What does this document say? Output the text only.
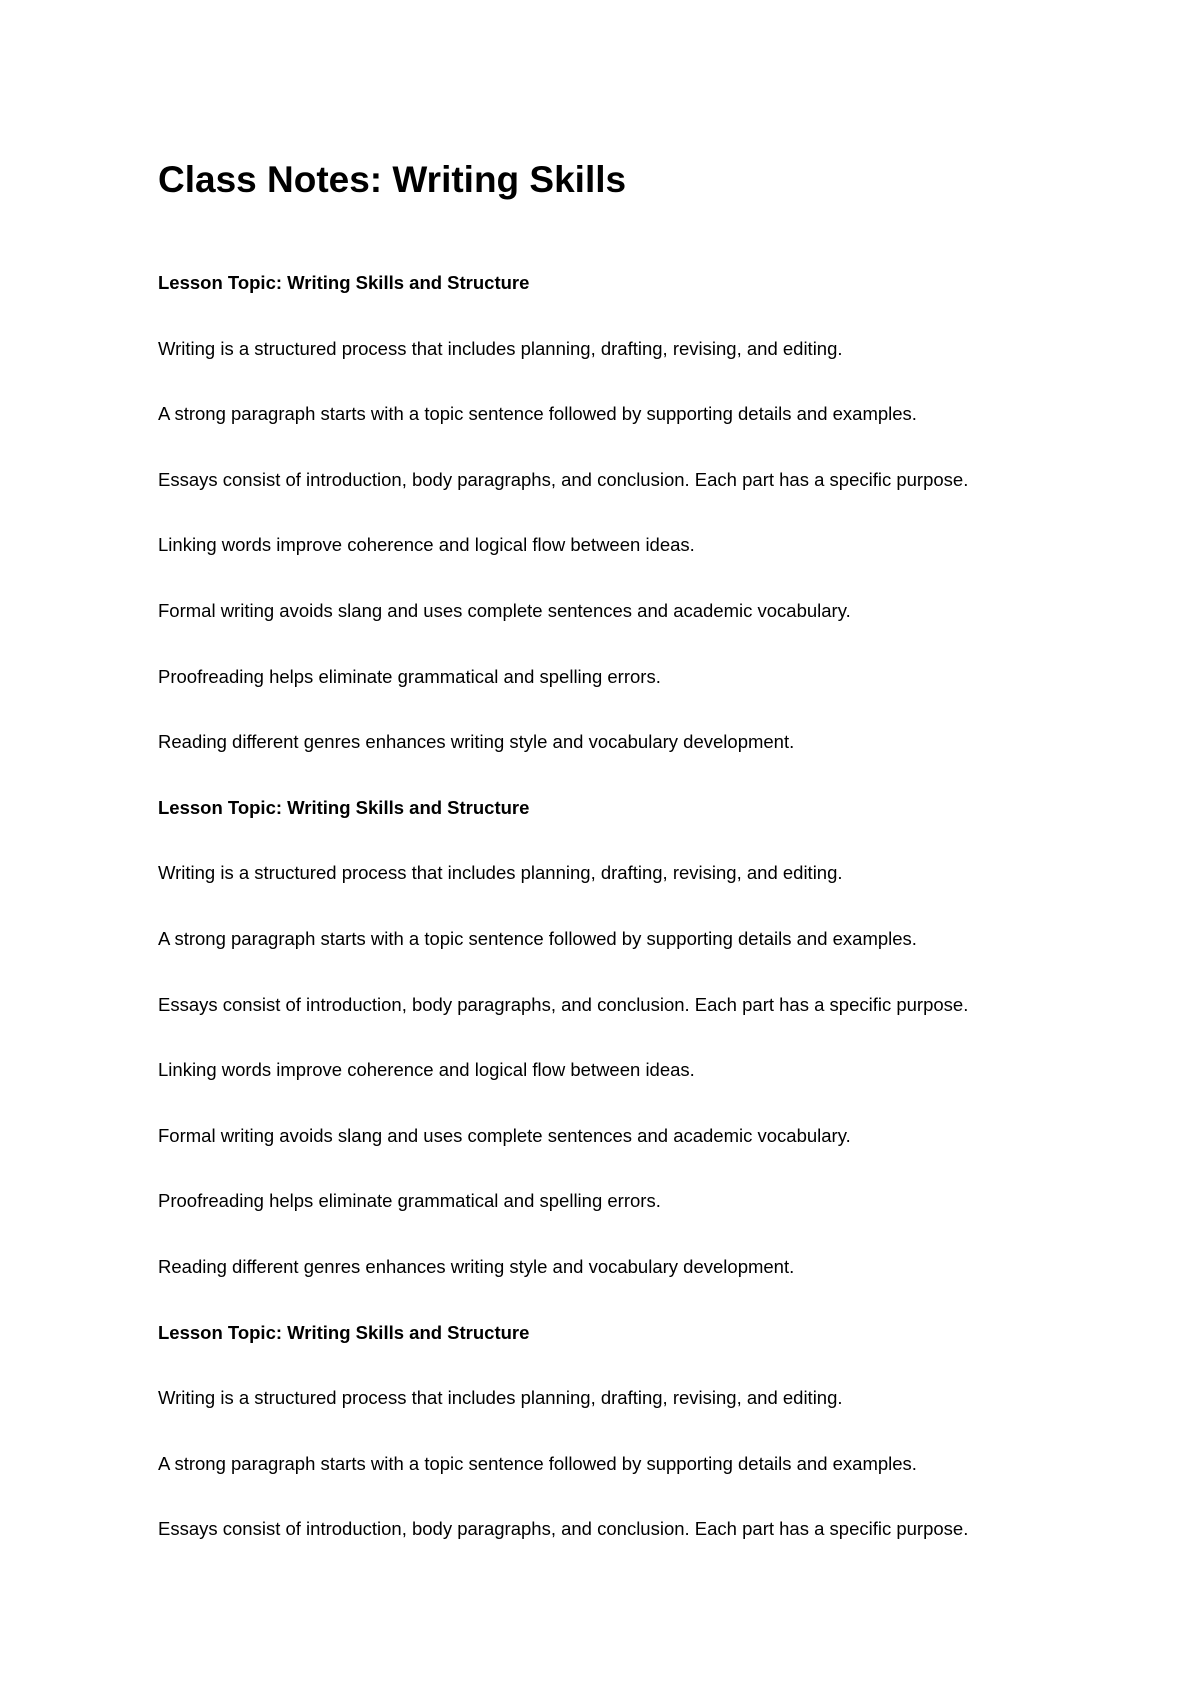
Class Notes: Writing Skills
Lesson Topic: Writing Skills and Structure
Writing is a structured process that includes planning, drafting, revising, and editing.
A strong paragraph starts with a topic sentence followed by supporting details and examples.
Essays consist of introduction, body paragraphs, and conclusion. Each part has a specific purpose.
Linking words improve coherence and logical flow between ideas.
Formal writing avoids slang and uses complete sentences and academic vocabulary.
Proofreading helps eliminate grammatical and spelling errors.
Reading different genres enhances writing style and vocabulary development.
Lesson Topic: Writing Skills and Structure
Writing is a structured process that includes planning, drafting, revising, and editing.
A strong paragraph starts with a topic sentence followed by supporting details and examples.
Essays consist of introduction, body paragraphs, and conclusion. Each part has a specific purpose.
Linking words improve coherence and logical flow between ideas.
Formal writing avoids slang and uses complete sentences and academic vocabulary.
Proofreading helps eliminate grammatical and spelling errors.
Reading different genres enhances writing style and vocabulary development.
Lesson Topic: Writing Skills and Structure
Writing is a structured process that includes planning, drafting, revising, and editing.
A strong paragraph starts with a topic sentence followed by supporting details and examples.
Essays consist of introduction, body paragraphs, and conclusion. Each part has a specific purpose.
